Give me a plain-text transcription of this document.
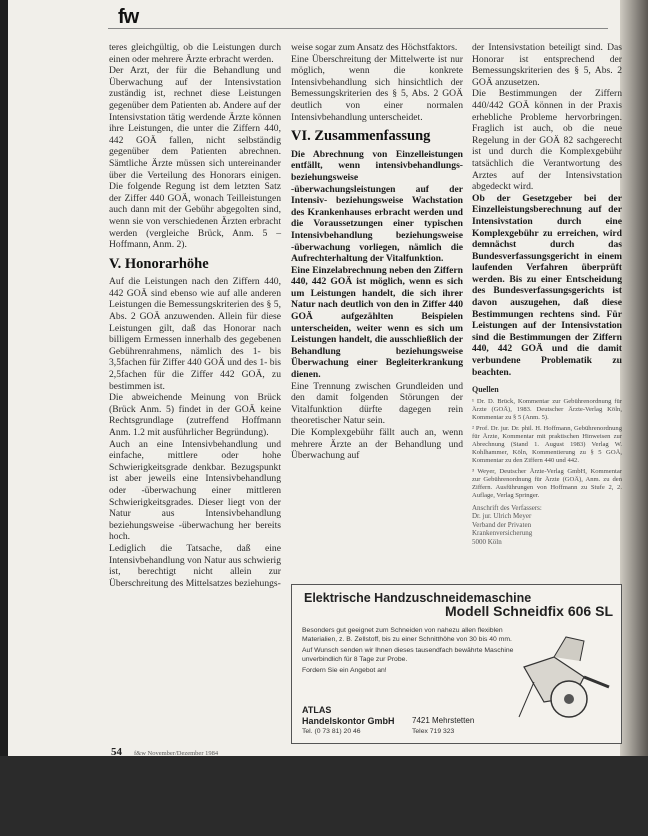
fw

teres gleichgültig, ob die Leistungen durch einen oder mehrere Ärzte erbracht werden.

Der Arzt, der für die Behandlung und Überwachung auf der Intensivstation zuständig ist, rechnet diese Leistungen gegenüber dem Patienten ab. Andere auf der Intensivstation tätig werdende Ärzte können ihre Leistungen, die unter die Ziffern 440, 442 GOÄ fallen, nicht selbständig gegenüber dem Patienten abrechnen. Sämtliche Ärzte müssen sich untereinander über die Verteilung des Honorars einigen. Die folgende Regung ist dem letzten Satz der Ziffer 440 GOÄ, wonach Teilleistungen auch dann mit der Gebühr abgegolten sind, wenn sie von verschiedenen Ärzten erbracht werden (vergleiche Brück, Anm. 5 – Hoffmann, Anm. 2).

V. Honorarhöhe

Auf die Leistungen nach den Ziffern 440, 442 GOÄ sind ebenso wie auf alle anderen Leistungen die Bemessungskriterien des § 5, Abs. 2 GOÄ anzuwenden. Allein für diese Leistungen gilt, daß das Honorar nach billigem Ermessen innerhalb des gegebenen Gebührenrahmens, nämlich des 1- bis 3,5fachen für Ziffer 440 GOÄ und des 1- bis 2,5fachen für die Ziffer 442 GOÄ, zu bestimmen ist.

Die abweichende Meinung von Brück (Brück Anm. 5) findet in der GOÄ keine Rechtsgrundlage (zutreffend Hoffmann Anm. 1.2 mit ausführlicher Begründung).

Auch an eine Intensivbehandlung und einfache, mittlere oder hohe Schwierigkeitsgrade denkbar. Bezugspunkt ist aber jeweils eine Intensivbehandlung oder -überwachung einer mittleren Schwierigkeitsgrades. Dieser liegt von der Natur aus Intensivbehandlung beziehungsweise -überwachung her bereits hoch.

Lediglich die Tatsache, daß eine Intensivbehandlung von Natur aus schwierig ist, berechtigt nicht allein zur Überschreitung des Mittelsatzes beziehungs-

weise sogar zum Ansatz des Höchstfaktors.

Eine Überschreitung der Mittelwerte ist nur möglich, wenn die konkrete Intensivbehandlung sich hinsichtlich der Bemessungskriterien des § 5, Abs. 2 GOÄ deutlich von einer normalen Intensivbehandlung unterscheidet.

VI. Zusammenfassung

Die Abrechnung von Einzelleistungen entfällt, wenn intensivbehandlungs- beziehungsweise -überwachungsleistungen auf der Intensiv- beziehungsweise Wachstation des Krankenhauses erbracht werden und die Voraussetzungen einer typischen Intensivbehandlung beziehungsweise -überwachung vorliegen, nämlich die Aufrechterhaltung der Vitalfunktion.

Eine Einzelabrechnung neben den Ziffern 440, 442 GOÄ ist möglich, wenn es sich um Leistungen handelt, die sich ihrer Natur nach deutlich von den in Ziffer 440 GOÄ aufgezählten Beispielen unterscheiden, weiter wenn es sich um Leistungen handelt, die ausschließlich der Behandlung beziehungsweise Überwachung einer Begleiterkrankung dienen.

Eine Trennung zwischen Grundleiden und den damit folgenden Störungen der Vitalfunktion dürfte dagegen rein theoretischer Natur sein.

Die Komplexgebühr fällt auch an, wenn mehrere Ärzte an der Behandlung und Überwachung auf

der Intensivstation beteiligt sind. Das Honorar ist entsprechend der Bemessungskriterien des § 5, Abs. 2 GOÄ anzusetzen.

Die Bestimmungen der Ziffern 440/442 GOÄ können in der Praxis erhebliche Probleme hervorbringen. Fraglich ist auch, ob die neue Regelung in der GOÄ 82 sachgerecht ist und durch die Komplexgebühr tatsächlich die Verantwortung des Arztes auf der Intensivstation abgedeckt wird.

Ob der Gesetzgeber bei der Einzelleistungsberechnung auf der Intensivstation durch eine Komplexgebühr zu erreichen, wird demnächst durch das Bundesverfassungsgericht in einem laufenden Verfahren überprüft werden. Bis zu einer Entscheidung des Bundesverfassungsgerichts ist davon auszugehen, daß diese Bestimmungen rechtens sind. Für Leistungen auf der Intensivstation sind die Bestimmungen der Ziffern 440, 442 GOÄ und die damit verbundene Problematik zu beachten.

Quellen
¹ Dr. D. Brück, Kommentar zur Gebührenordnung für Ärzte (GOÄ), 1983. Deutscher Ärzte-Verlag Köln, Kommentar zu § 5 (Anm. 5).
² Prof. Dr. jur. Dr. phil. H. Hoffmann, Gebührenordnung für Ärzte, Kommentar mit praktischen Hinweisen zur Abrechnung (Stand 1. August 1983) Verlag W. Kohlhammer, Köln, Kommentierung zu § 5 GOÄ, Kommentar zu den Ziffern 440 und 442.
³ Weyer, Deutscher Ärzte-Verlag GmbH, Kommentar zur Gebührenordnung für Ärzte (GOÄ), Anm. zu den Ziffern. Ausführungen von Hoffmann zu Stufe 2, 2. Auflage, Verlag Springer.

Anschrift des Verfassers:

Dr. jur. Ulrich Meyer

Verband der Privaten

Krankenversicherung

5000 Köln

Elektrische Handzuschneidemaschine
Modell Schneidfix 606 SL

Besonders gut geeignet zum Schneiden von nahezu allen flexiblen Materialien, z. B. Zellstoff, bis zu einer Schnitthöhe von 30 bis 40 mm.

Auf Wunsch senden wir Ihnen dieses tausendfach bewährte Maschine unverbindlich für 8 Tage zur Probe.

Fordern Sie ein Angebot an!

ATLAS
Handelskontor GmbH 7421 Mehrstetten
Tel. (0 73 81) 20 46	Telex 719 323
54 f&w November/Dezember 1984
